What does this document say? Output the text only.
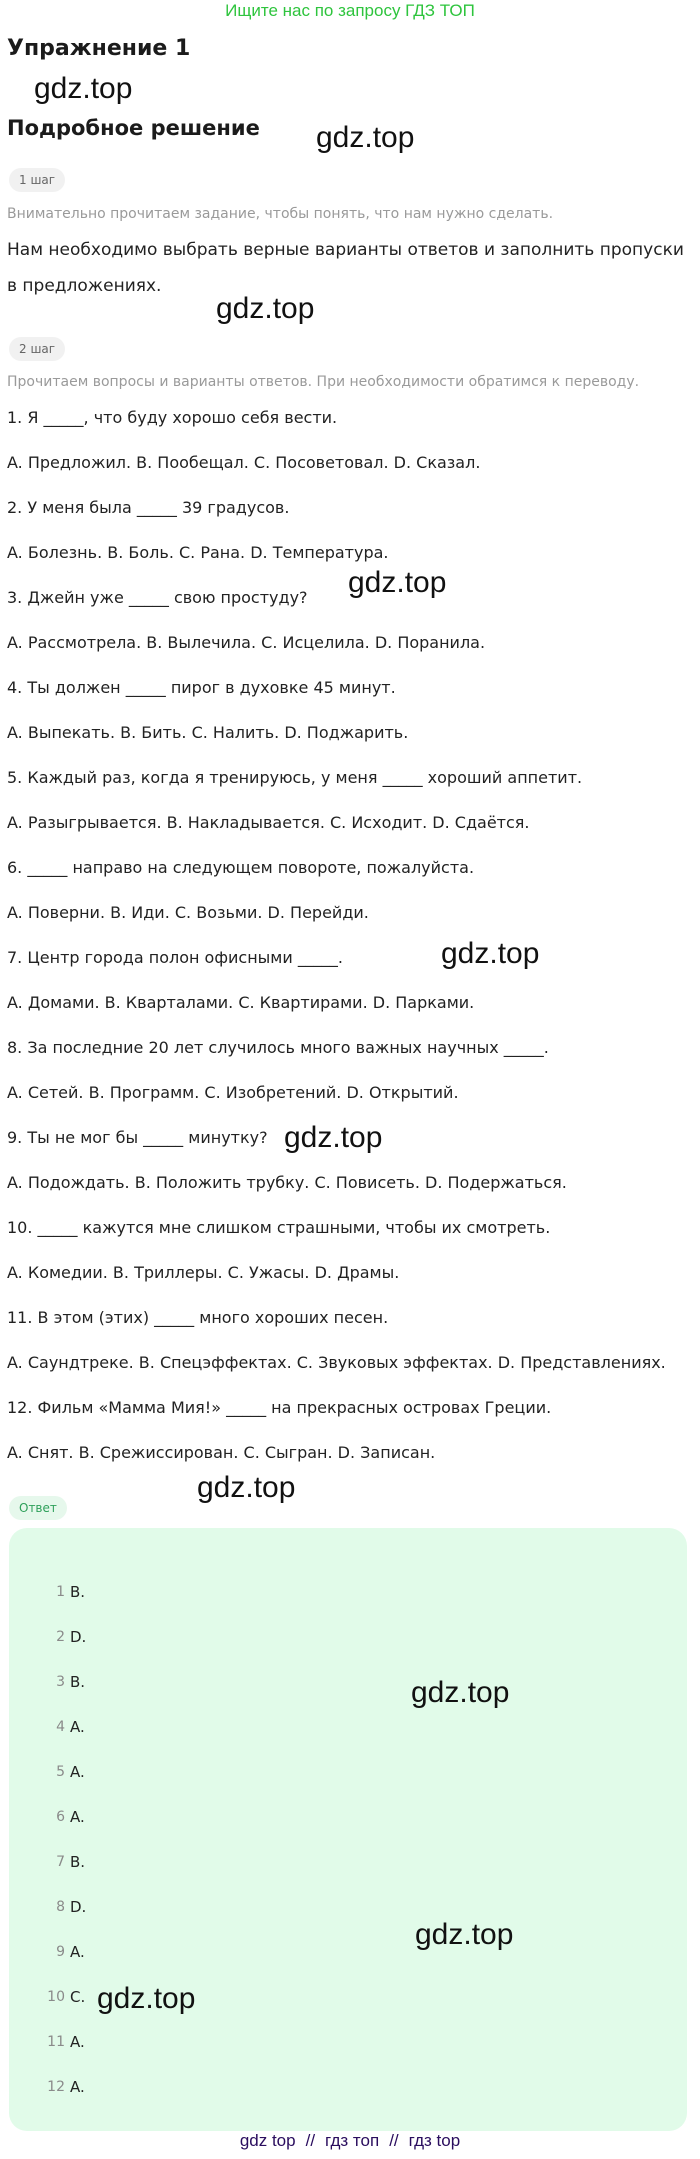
Ищите нас по запросу ГДЗ ТОП
Упражнение 1
gdz.top
Подробное решение gdz.top
1 шаг
Внимательно прочитаем задание, чтобы понять, что нам нужно сделать.
Нам необходимо выбрать верные варианты ответов и заполнить пропуски в предложениях.
gdz.top
2 шаг
Прочитаем вопросы и варианты ответов. При необходимости обратимся к переводу.
1. Я _____, что буду хорошо себя вести.
A. Предложил. B. Пообещал. C. Посоветовал. D. Сказал.
2. У меня была _____ 39 градусов.
A. Болезнь. B. Боль. C. Рана. D. Температура.
3. Джейн уже _____ свою простуду?
A. Рассмотрела. B. Вылечила. C. Исцелила. D. Поранила.
4. Ты должен _____ пирог в духовке 45 минут.
A. Выпекать. B. Бить. C. Налить. D. Поджарить.
5. Каждый раз, когда я тренируюсь, у меня _____ хороший аппетит.
A. Разыгрывается. B. Накладывается. C. Исходит. D. Сдаётся.
6. _____ направо на следующем повороте, пожалуйста.
A. Поверни. B. Иди. C. Возьми. D. Перейди.
7. Центр города полон офисными _____.
A. Домами. B. Кварталами. C. Квартирами. D. Парками.
8. За последние 20 лет случилось много важных научных _____.
A. Сетей. B. Программ. C. Изобретений. D. Открытий.
9. Ты не мог бы _____ минутку?
A. Подождать. B. Положить трубку. C. Повисеть. D. Подержаться.
10. _____ кажутся мне слишком страшными, чтобы их смотреть.
A. Комедии. B. Триллеры. C. Ужасы. D. Драмы.
11. В этом (этих) _____ много хороших песен.
A. Саундтреке. B. Спецэффектах. C. Звуковых эффектах. D. Представлениях.
12. Фильм «Мамма Мия!» _____ на прекрасных островах Греции.
A. Снят. B. Срежиссирован. C. Сыгран. D. Записан.
gdz.top
gdz.top
gdz.top
gdz.top
Ответ
1 B.
2 D.
3 B.
4 A.
5 A.
6 A.
7 B.
8 D.
9 A.
10 C.
11 A.
12 A.
gdz.top
gdz.top
gdz.top
gdz top // гдз топ // гдз top
